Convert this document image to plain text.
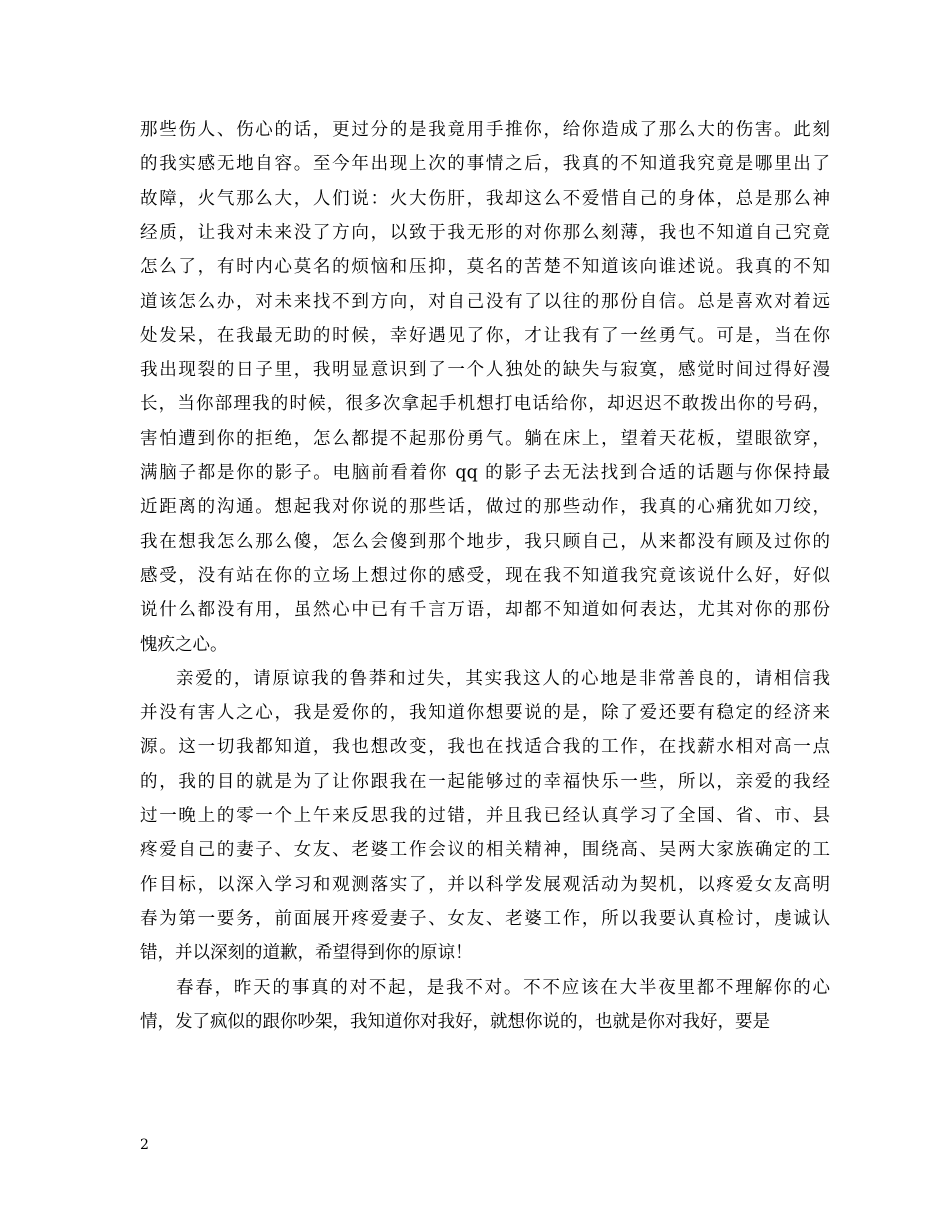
那些伤人、伤心的话，更过分的是我竟用手推你，给你造成了那么大的伤害。此刻
的我实感无地自容。至今年出现上次的事情之后，我真的不知道我究竟是哪里出了
故障，火气那么大，人们说：火大伤肝，我却这么不爱惜自己的身体，总是那么神
经质，让我对未来没了方向，以致于我无形的对你那么刻薄，我也不知道自己究竟
怎么了，有时内心莫名的烦恼和压抑，莫名的苦楚不知道该向谁述说。我真的不知
道该怎么办，对未来找不到方向，对自己没有了以往的那份自信。总是喜欢对着远
处发呆，在我最无助的时候，幸好遇见了你，才让我有了一丝勇气。可是，当在你
我出现裂的日子里，我明显意识到了一个人独处的缺失与寂寞，感觉时间过得好漫
长，当你部理我的时候，很多次拿起手机想打电话给你，却迟迟不敢拨出你的号码，
害怕遭到你的拒绝，怎么都提不起那份勇气。躺在床上，望着天花板，望眼欲穿，
满脑子都是你的影子。电脑前看着你 qq 的影子去无法找到合适的话题与你保持最
近距离的沟通。想起我对你说的那些话，做过的那些动作，我真的心痛犹如刀绞，
我在想我怎么那么傻，怎么会傻到那个地步，我只顾自己，从来都没有顾及过你的
感受，没有站在你的立场上想过你的感受，现在我不知道我究竟该说什么好，好似
说什么都没有用，虽然心中已有千言万语，却都不知道如何表达，尤其对你的那份
愧疚之心。
亲爱的，请原谅我的鲁莽和过失，其实我这人的心地是非常善良的，请相信我
并没有害人之心，我是爱你的，我知道你想要说的是，除了爱还要有稳定的经济来
源。这一切我都知道，我也想改变，我也在找适合我的工作，在找薪水相对高一点
的，我的目的就是为了让你跟我在一起能够过的幸福快乐一些，所以，亲爱的我经
过一晚上的零一个上午来反思我的过错，并且我已经认真学习了全国、省、市、县
疼爱自己的妻子、女友、老婆工作会议的相关精神，围绕高、吴两大家族确定的工
作目标，以深入学习和观测落实了，并以科学发展观活动为契机，以疼爱女友高明
春为第一要务，前面展开疼爱妻子、女友、老婆工作，所以我要认真检讨，虔诚认
错，并以深刻的道歉，希望得到你的原谅！
春春，昨天的事真的对不起，是我不对。不不应该在大半夜里都不理解你的心
情，发了疯似的跟你吵架，我知道你对我好，就想你说的，也就是你对我好，要是
2
